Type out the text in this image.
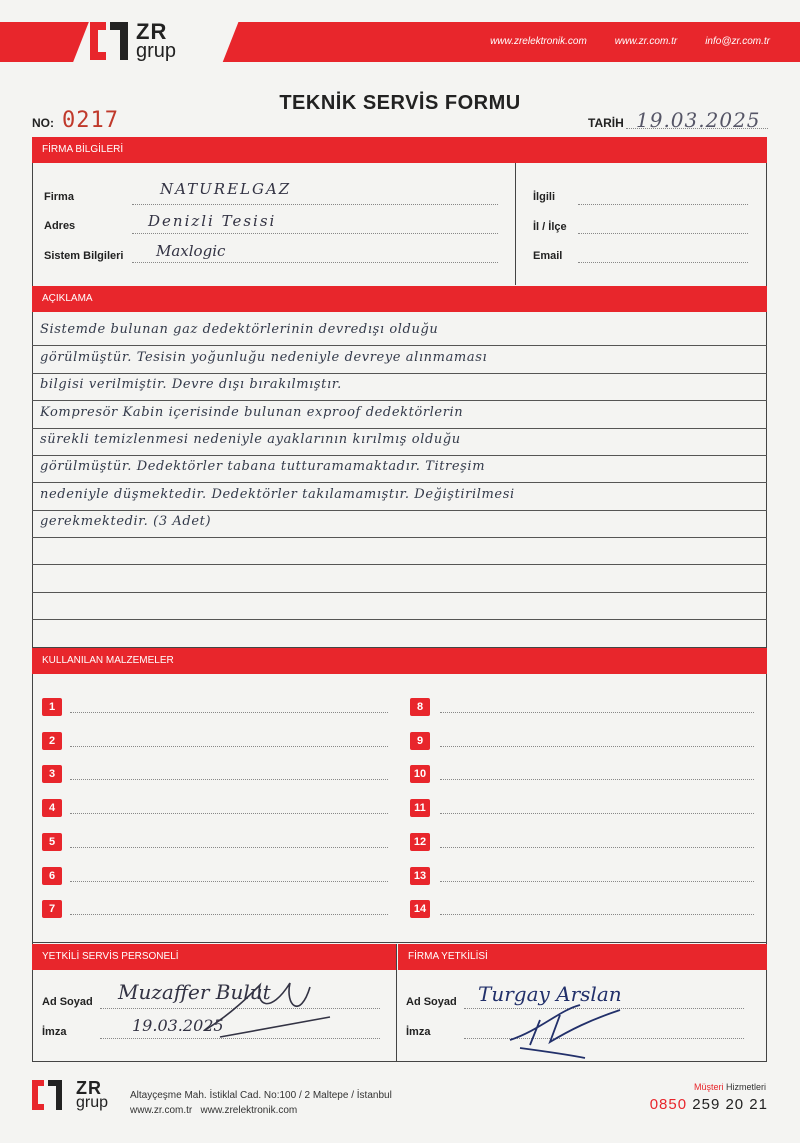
ZR
grup	www.zrelektronik.com	www.zr.com.tr	info@zr.com.tr
TEKNİK SERVİS FORMU
NO: 0217	TARİH 19.03.2025
FİRMA BİLGİLERİ
Firma	NATURELGAZ
Adres	Denizli Tesisi
Sistem Bilgileri Maxlogic
İlgili
İl / İlçe
Email
AÇIKLAMA
Sistemde bulunan gaz dedektörlerinin devredışı olduğu
görülmüştür. Tesisin yoğunluğu nedeniyle devreye alınmaması
bilgisi verilmiştir. Devre dışı bırakılmıştır.
Kompresör Kabin içerisinde bulunan exproof dedektörlerin
sürekli temizlenmesi nedeniyle ayaklarının kırılmış olduğu
görülmüştür. Dedektörler tabana tutturamamaktadır. Titreşim
nedeniyle düşmektedir. Dedektörler takılamamıştır. Değiştirilmesi
gerekmektedir. (3 Adet)
KULLANILAN MALZEMELER
1
2
3
4
5
6
7
8
9
10
11
12
13
14
YETKİLİ SERVİS PERSONELİ	FİRMA YETKİLİSİ
Ad Soyad Muzaffer Bulut
İmza	19.03.2025
Ad Soyad Turgay Arslan
İmza
ZR
grup Altayçeşme Mah. İstiklal Cad. No:100 / 2 Maltepe / İstanbul
www.zr.com.tr   www.zrelektronik.com
Müşteri Hizmetleri
0850 259 20 21
